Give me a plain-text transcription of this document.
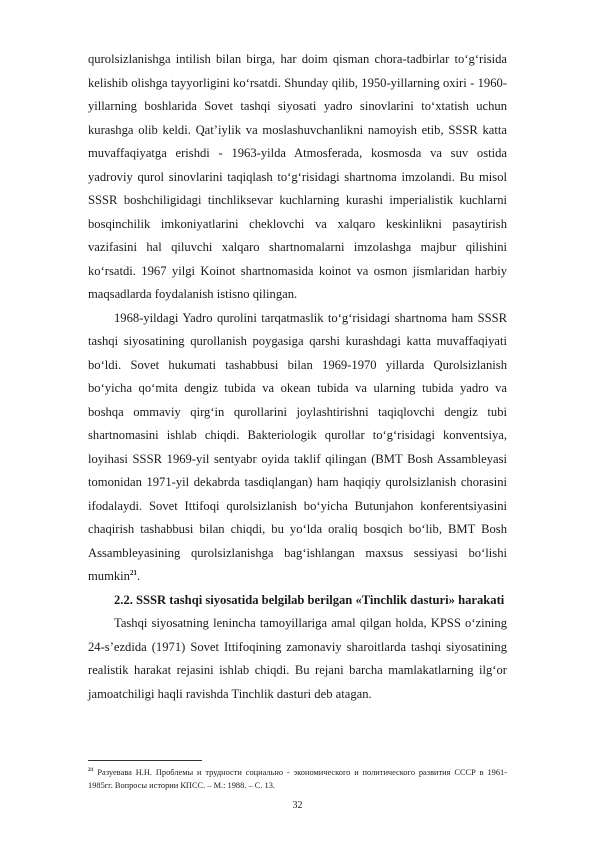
qurolsizlanishga intilish bilan birga, har doim qisman chora-tadbirlar to‘g‘risida kelishib olishga tayyorligini ko‘rsatdi. Shunday qilib, 1950-yillarning oxiri - 1960-yillarning boshlarida Sovet tashqi siyosati yadro sinovlarini to‘xtatish uchun kurashga olib keldi. Qat’iylik va moslashuvchanlikni namoyish etib, SSSR katta muvaffaqiyatga erishdi - 1963-yilda Atmosferada, kosmosda va suv ostida yadroviy qurol sinovlarini taqiqlash to‘g‘risidagi shartnoma imzolandi. Bu misol SSSR boshchiligidagi tinchliksevar kuchlarning kurashi imperialistik kuchlarni bosqinchilik imkoniyatlarini cheklovchi va xalqaro keskinlikni pasaytirish vazifasini hal qiluvchi xalqaro shartnomalarni imzolashga majbur qilishini ko‘rsatdi. 1967 yilgi Koinot shartnomasida koinot va osmon jismlaridan harbiy maqsadlarda foydalanish istisno qilingan.

1968-yildagi Yadro qurolini tarqatmaslik to‘g‘risidagi shartnoma ham SSSR tashqi siyosatining qurollanish poygasiga qarshi kurashdagi katta muvaffaqiyati bo‘ldi. Sovet hukumati tashabbusi bilan 1969-1970 yillarda Qurolsizlanish bo‘yicha qo‘mita dengiz tubida va okean tubida va ularning tubida yadro va boshqa ommaviy qirg‘in qurollarini joylashtirishni taqiqlovchi dengiz tubi shartnomasini ishlab chiqdi. Bakteriologik qurollar to‘g‘risidagi konventsiya, loyihasi SSSR 1969-yil sentyabr oyida taklif qilingan (BMT Bosh Assambleyasi tomonidan 1971-yil dekabrda tasdiqlangan) ham haqiqiy qurolsizlanish chorasini ifodalaydi. Sovet Ittifoqi qurolsizlanish bo‘yicha Butunjahon konferentsiyasini chaqirish tashabbusi bilan chiqdi, bu yo‘lda oraliq bosqich bo‘lib, BMT Bosh Assambleyasining qurolsizlanishga bag‘ishlangan maxsus sessiyasi bo‘lishi mumkin$^{21}$.

2.2. SSSR tashqi siyosatida belgilab berilgan «Tinchlik dasturi» harakati

Tashqi siyosatning lenincha tamoyillariga amal qilgan holda, KPSS o‘zining 24-s’ezdida (1971) Sovet Ittifoqining zamonaviy sharoitlarda tashqi siyosatining realistik harakat rejasini ishlab chiqdi. Bu rejani barcha mamlakatlarning ilg‘or jamoatchiligi haqli ravishda Tinchlik dasturi deb atagan.

$^{21}$ Разуевaва Н.Н. Проблемы и трудности социально - экономического и политического развития СССР в 1961-1985гг. Вопросы истории КПСС. – М.: 1988. – С. 13.
32
